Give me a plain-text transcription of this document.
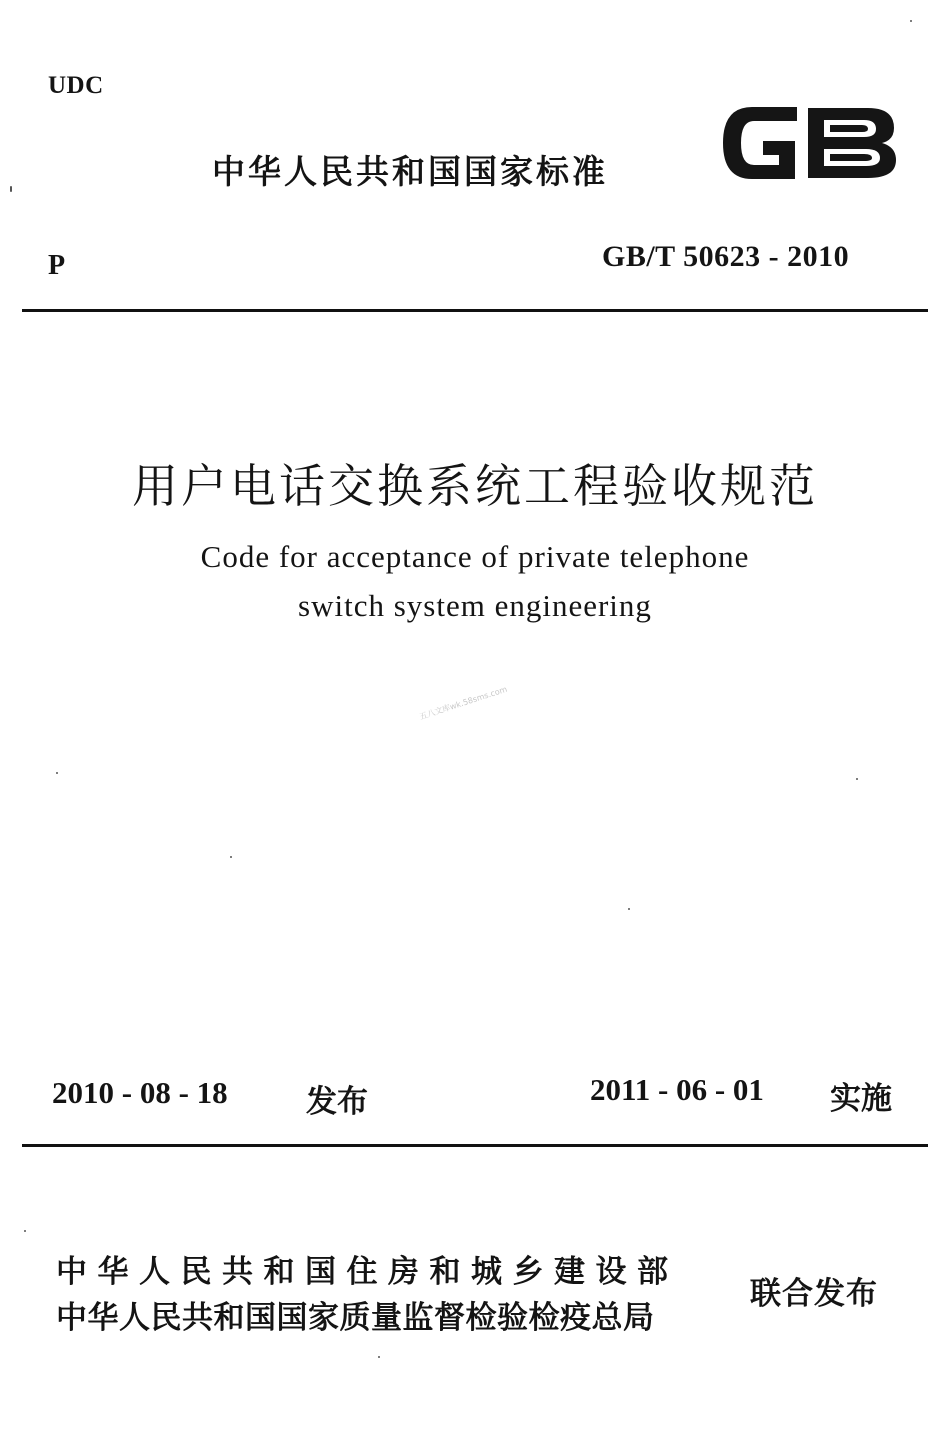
UDC
中华人民共和国国家标准
P	GB/T 50623 - 2010
用户电话交换系统工程验收规范
Code for acceptance of private telephone
switch system engineering
五八文库wk.58sms.com
2010 - 08 - 18	发布	2011 - 06 - 01 实施
中华人民共和国住房和城乡建设部
中华人民共和国国家质量监督检验检疫总局
联合发布
